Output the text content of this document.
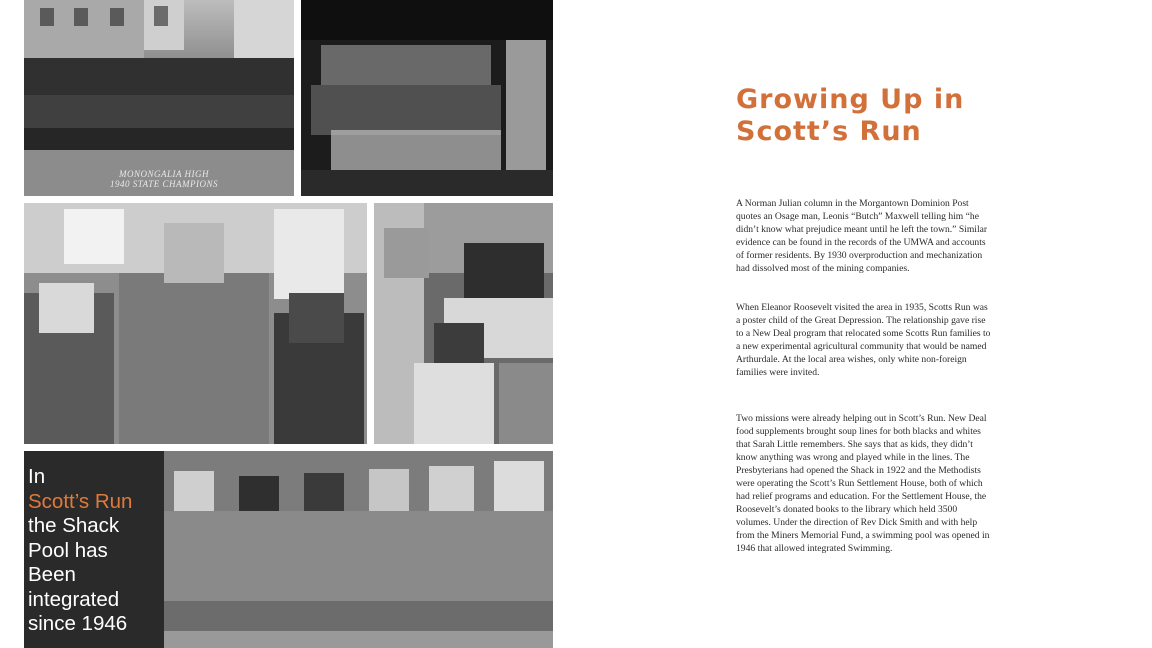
MONONGALIA HIGH
1940 STATE CHAMPIONS
In
Scott’s Run
the Shack
Pool has
Been
integrated
since 1946
Growing Up in
Scott’s Run

A Norman Julian column in the Morgantown Dominion Post quotes an Osage man, Leonis “Butch” Maxwell telling him “he didn’t know what prejudice meant until he left the town.” Similar evidence can be found in the records of the UMWA and accounts of former residents. By 1930 overproduction and mechanization had dissolved most of the mining companies.

When Eleanor Roosevelt visited the area in 1935, Scotts Run was a poster child of the Great Depression. The relationship gave rise to a New Deal program that relocated some Scotts Run families to a new experimental agricultural community that would be named Arthurdale. At the local area wishes, only white non-foreign families were invited.

Two missions were already helping out in Scott’s Run. New Deal food supplements brought soup lines for both blacks and whites that Sarah Little remembers. She says that as kids, they didn’t know anything was wrong and played while in the lines. The Presbyterians had opened the Shack in 1922 and the Methodists were operating the Scott’s Run Settlement House, both of which had relief programs and education. For the Settlement House, the Roosevelt’s donated books to the library which held 3500 volumes. Under the direction of Rev Dick Smith and with help from the Miners Memorial Fund, a swimming pool was opened in 1946 that allowed integrated Swimming.
